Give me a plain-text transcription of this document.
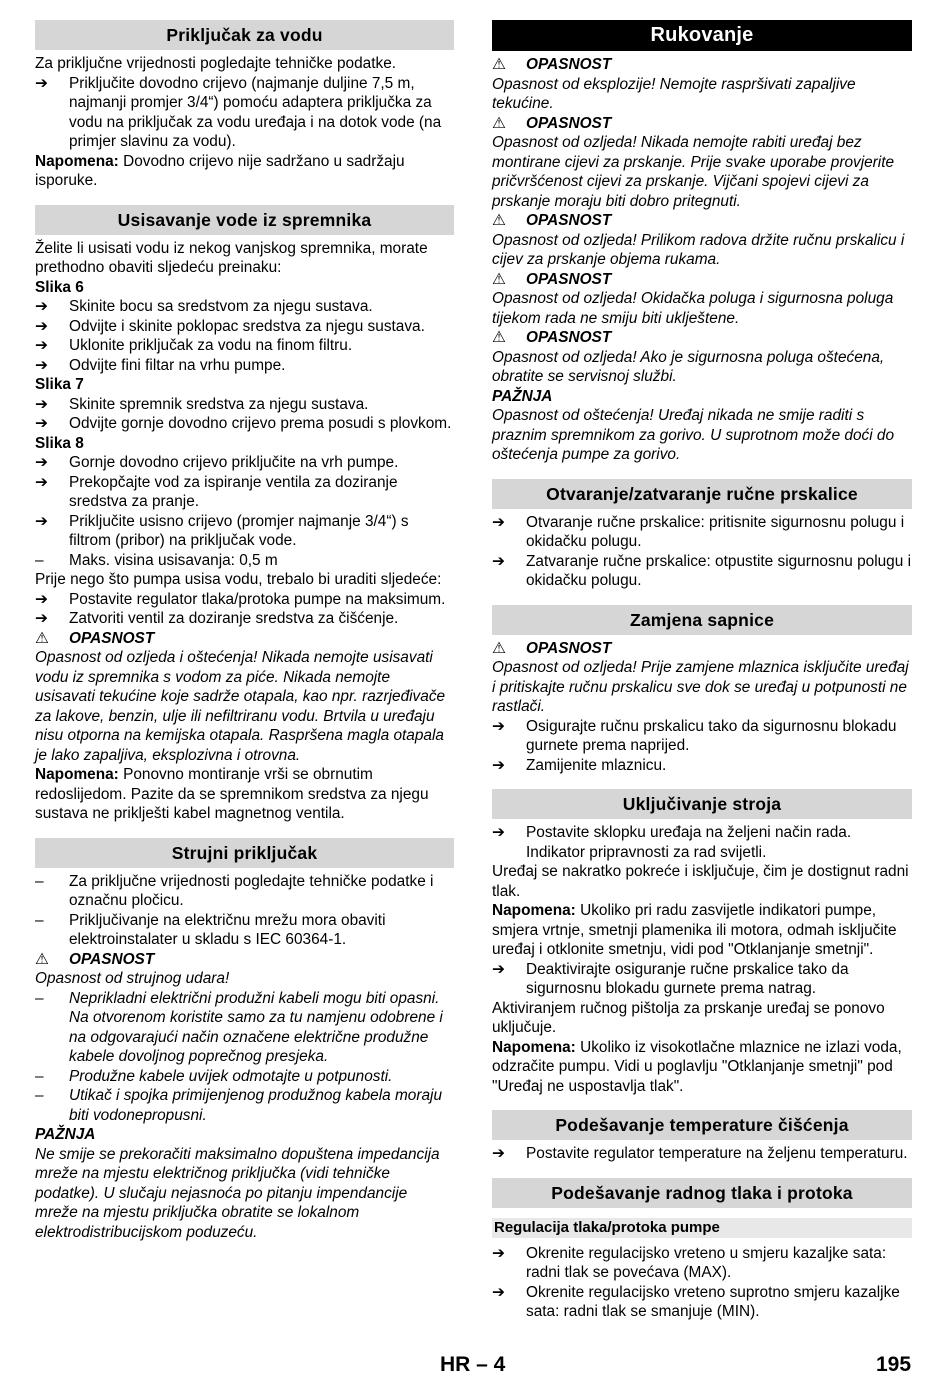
Priključak za vodu

Za priključne vrijednosti pogledajte tehničke podatke.

➔	Priključite dovodno crijevo (najmanje duljine 7,5 m, najmanji promjer 3/4“) pomoću adaptera priključka za vodu na priključak za vodu uređaja i na dotok vode (na primjer slavinu za vodu).

Napomena: Dovodno crijevo nije sadržano u sadržaju isporuke.

Usisavanje vode iz spremnika

Želite li usisati vodu iz nekog vanjskog spremnika, morate prethodno obaviti sljedeću preinaku:

Slika 6

➔	Skinite bocu sa sredstvom za njegu sustava.
➔	Odvijte i skinite poklopac sredstva za njegu sustava.
➔	Uklonite priključak za vodu na finom filtru.
➔	Odvijte fini filtar na vrhu pumpe.

Slika 7

➔	Skinite spremnik sredstva za njegu sustava.
➔	Odvijte gornje dovodno crijevo prema posudi s plovkom.

Slika 8

➔	Gornje dovodno crijevo priključite na vrh pumpe.
➔	Prekopčajte vod za ispiranje ventila za doziranje sredstva za pranje.
➔	Priključite usisno crijevo (promjer najmanje 3/4“) s filtrom (pribor) na priključak vode.
–	Maks. visina usisavanja: 0,5 m

Prije nego što pumpa usisa vodu, trebalo bi uraditi sljedeće:

➔	Postavite regulator tlaka/protoka pumpe na maksimum.
➔	Zatvoriti ventil za doziranje sredstva za čišćenje.
⚠ OPASNOST

Opasnost od ozljeda i oštećenja! Nikada nemojte usisavati vodu iz spremnika s vodom za piće. Nikada nemojte usisavati tekućine koje sadrže otapala, kao npr. razrjeđivače za lakove, benzin, ulje ili nefiltriranu vodu. Brtvila u uređaju nisu otporna na kemijska otapala. Raspršena magla otapala je lako zapaljiva, eksplozivna i otrovna.

Napomena: Ponovno montiranje vrši se obrnutim redoslijedom. Pazite da se spremnikom sredstva za njegu sustava ne priklješti kabel magnetnog ventila.

Strujni priključak
–	Za priključne vrijednosti pogledajte tehničke podatke i označnu pločicu.
–	Priključivanje na električnu mrežu mora obaviti elektroinstalater u skladu s IEC 60364-1.
⚠ OPASNOST

Opasnost od strujnog udara!

–	Neprikladni električni produžni kabeli mogu biti opasni. Na otvorenom koristite samo za tu namjenu odobrene i na odgovarajući način označene električne produžne kabele dovoljnog poprečnog presjeka.
–	Produžne kabele uvijek odmotajte u potpunosti.
–	Utikač i spojka primijenjenog produžnog kabela moraju biti vodonepropusni.

PAŽNJA

Ne smije se prekoračiti maksimalno dopuštena impedancija mreže na mjestu električnog priključka (vidi tehničke podatke). U slučaju nejasnoća po pitanju impendancije mreže na mjestu priključka obratite se lokalnom elektrodistribucijskom poduzeću.

Rukovanje
⚠ OPASNOST

Opasnost od eksplozije! Nemojte raspršivati zapaljive tekućine.

⚠ OPASNOST

Opasnost od ozljeda! Nikada nemojte rabiti uređaj bez montirane cijevi za prskanje. Prije svake uporabe provjerite pričvršćenost cijevi za prskanje. Vijčani spojevi cijevi za prskanje moraju biti dobro pritegnuti.

⚠ OPASNOST

Opasnost od ozljeda! Prilikom radova držite ručnu prskalicu i cijev za prskanje objema rukama.

⚠ OPASNOST

Opasnost od ozljeda! Okidačka poluga i sigurnosna poluga tijekom rada ne smiju biti uklještene.

⚠ OPASNOST

Opasnost od ozljeda! Ako je sigurnosna poluga oštećena, obratite se servisnoj službi.

PAŽNJA

Opasnost od oštećenja! Uređaj nikada ne smije raditi s praznim spremnikom za gorivo. U suprotnom može doći do oštećenja pumpe za gorivo.

Otvaranje/zatvaranje ručne prskalice
➔	Otvaranje ručne prskalice: pritisnite sigurnosnu polugu i okidačku polugu.
➔	Zatvaranje ručne prskalice: otpustite sigurnosnu polugu i okidačku polugu.
Zamjena sapnice
⚠ OPASNOST

Opasnost od ozljeda! Prije zamjene mlaznica isključite uređaj i pritiskajte ručnu prskalicu sve dok se uređaj u potpunosti ne rastlači.

➔	Osigurajte ručnu prskalicu tako da sigurnosnu blokadu gurnete prema naprijed.
➔	Zamijenite mlaznicu.
Uključivanje stroja
➔	Postavite sklopku uređaja na željeni način rada. Indikator pripravnosti za rad svijetli.

Uređaj se nakratko pokreće i isključuje, čim je dostignut radni tlak.

Napomena: Ukoliko pri radu zasvijetle indikatori pumpe, smjera vrtnje, smetnji plamenika ili motora, odmah isključite uređaj i otklonite smetnju, vidi pod "Otklanjanje smetnji".

➔	Deaktivirajte osiguranje ručne prskalice tako da sigurnosnu blokadu gurnete prema natrag.

Aktiviranjem ručnog pištolja za prskanje uređaj se ponovo uključuje.

Napomena: Ukoliko iz visokotlačne mlaznice ne izlazi voda, odzračite pumpu. Vidi u poglavlju "Otklanjanje smetnji" pod "Uređaj ne uspostavlja tlak".

Podešavanje temperature čišćenja
➔	Postavite regulator temperature na željenu temperaturu.
Podešavanje radnog tlaka i protoka
Regulacija tlaka/protoka pumpe
➔	Okrenite regulacijsko vreteno u smjeru kazaljke sata: radni tlak se povećava (MAX).
➔	Okrenite regulacijsko vreteno suprotno smjeru kazaljke sata: radni tlak se smanjuje (MIN).
HR – 4	195
